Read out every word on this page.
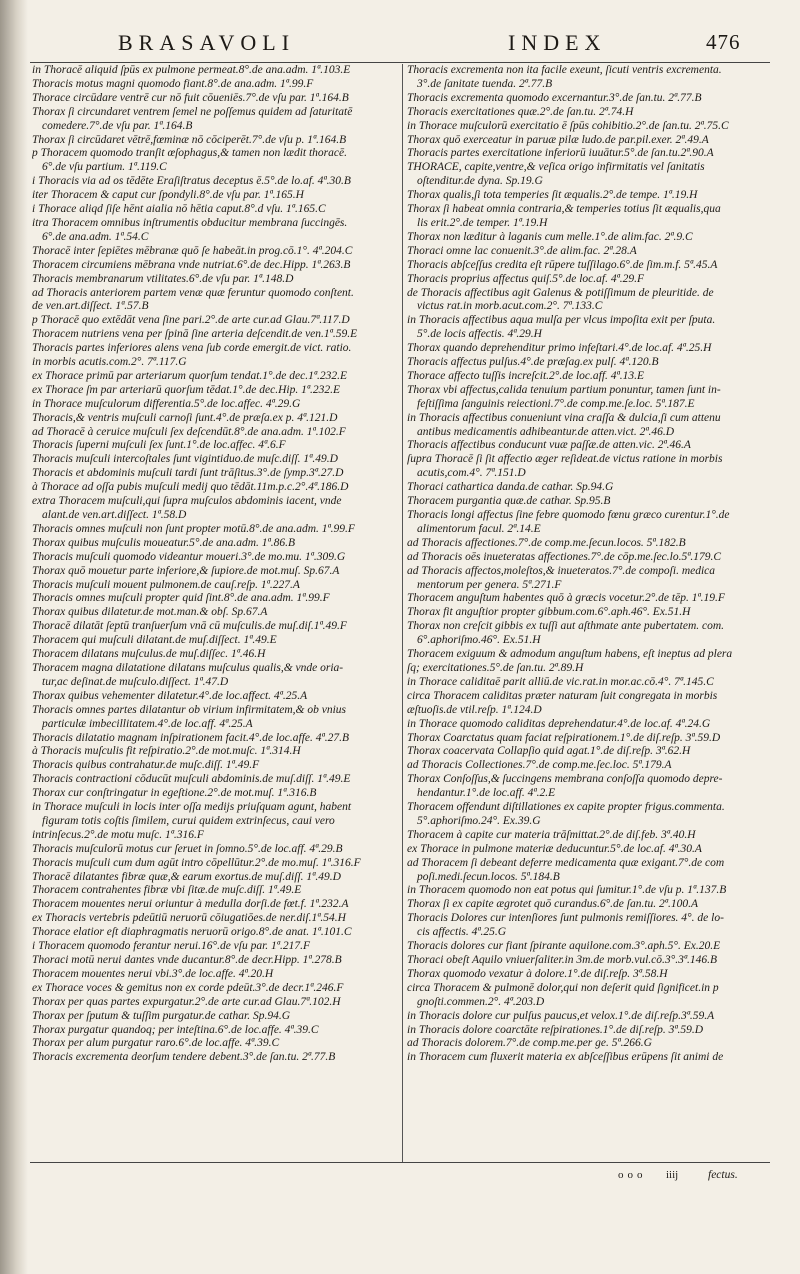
BRASAVOLI	INDEX	476
in Thoracē aliquid ſpūs ex pulmone permeat.8°.de ana.adm. 1ª.103.E
Thoracis motus magni quomodo fiant.8°.de ana.adm. 1ª.99.F
Thorace circūdare ventrē cur nō fuit cōueniēs.7°.de vſu par. 1ª.164.B
Thorax ſi circundaret ventrem ſemel ne poſſemus quidem ad ſaturitatē
comedere.7°.de vſu par. 1ª.164.B
Thorax ſi circūdaret vētrē,fœminæ nō cōciperēt.7°.de vſu p. 1ª.164.B
p Thoracem quomodo tranſit œſophagus,& tamen non lædit thoracē.
6°.de vſu partium. 1ª.119.C
i Thoracis via ad os tēdēte Eraſiſtratus deceptus ē.5°.de lo.af. 4ª.30.B
iter Thoracem & caput cur ſpondyli.8°.de vſu par. 1ª.165.H
i Thorace aliqd ſiſe hēnt aialia nō hētia caput.8°.d vſu. 1ª.165.C
itra Thoracem omnibus inſtrumentis obducitur membrana ſuccingēs.
6°.de ana.adm. 1ª.54.C
Thoracē inter ſepiētes mēbranæ quō ſe habeāt.in prog.cō.1°. 4ª.204.C
Thoracem circumiens mēbrana vnde nutriat.6°.de dec.Hipp. 1ª.263.B
Thoracis membranarum vtilitates.6°.de vſu par. 1ª.148.D
ad Thoracis anteriorem partem venæ quæ feruntur quomodo conſtent.
de ven.art.diſſect. 1ª.57.B
p Thoracē quo extēdāt vena ſine pari.2°.de arte cur.ad Glau.7ª.117.D
Thoracem nutriens vena per ſpinā ſine arteria deſcendit.de ven.1ª.59.E
Thoracis partes inferiores alens vena ſub corde emergit.de vict. ratio.
in morbis acutis.com.2°. 7ª.117.G
ex Thorace primū par arteriarum quorſum tendat.1°.de dec.1ª.232.E
ex Thorace ſm par arteriarū quorſum tēdat.1°.de dec.Hip. 1ª.232.E
in Thorace muſculorum differentia.5°.de loc.affec. 4ª.29.G
Thoracis,& ventris muſculi carnoſi ſunt.4°.de præſa.ex p. 4ª.121.D
ad Thoracē à ceruice muſculi ſex deſcendūt.8°.de ana.adm. 1ª.102.F
Thoracis ſuperni muſculi ſex ſunt.1°.de loc.affec. 4ª.6.F
Thoracis muſculi intercoſtales ſunt vigintiduo.de muſc.diſſ. 1ª.49.D
Thoracis et abdominis muſculi tardi ſunt trāſitus.3°.de ſymp.3ª.27.D
à Thorace ad oſſa pubis muſculi medij quo tēdāt.11m.p.c.2°.4ª.186.D
extra Thoracem muſculi,qui ſupra muſculos abdominis iacent, vnde
alant.de ven.art.diſſect. 1ª.58.D
Thoracis omnes muſculi non ſunt propter motū.8°.de ana.adm. 1ª.99.F
Thorax quibus muſculis moueatur.5°.de ana.adm. 1ª.86.B
Thoracis muſculi quomodo videantur moueri.3°.de mo.mu. 1ª.309.G
Thorax quō mouetur parte inferiore,& ſupiore.de mot.muſ. Sp.67.A
Thoracis muſculi mouent pulmonem.de cauſ.reſp. 1ª.227.A
Thoracis omnes muſculi propter quid ſint.8°.de ana.adm. 1ª.99.F
Thorax quibus dilatetur.de mot.man.& obſ. Sp.67.A
Thoracē dilatāt ſeptū tranſuerſum vnā cū muſculis.de muſ.diſ.1ª.49.F
Thoracem qui muſculi dilatant.de muſ.diſſect. 1ª.49.E
Thoracem dilatans muſculus.de muſ.diſſec. 1ª.46.H
Thoracem magna dilatatione dilatans muſculus qualis,& vnde oria-
tur,ac deſinat.de muſculo.diſſect. 1ª.47.D
Thorax quibus vehementer dilatetur.4°.de loc.affect. 4ª.25.A
Thoracis omnes partes dilatantur ob virium infirmitatem,& ob vnius
particulæ imbecillitatem.4°.de loc.aff. 4ª.25.A
Thoracis dilatatio magnam inſpirationem facit.4°.de loc.affe. 4ª.27.B
à Thoracis muſculis fit reſpiratio.2°.de mot.muſc. 1ª.314.H
Thoracis quibus contrahatur.de muſc.diſſ. 1ª.49.F
Thoracis contractioni cōducūt muſculi abdominis.de muſ.diſſ. 1ª.49.E
Thorax cur conſtringatur in egeſtione.2°.de mot.muſ. 1ª.316.B
in Thorace muſculi in locis inter oſſa medijs priuſquam agunt, habent
figuram totis coſtis ſimilem, curui quidem extrinſecus, caui vero
intrinſecus.2°.de motu muſc. 1ª.316.F
Thoracis muſculorū motus cur ſeruet in ſomno.5°.de loc.aff. 4ª.29.B
Thoracis muſculi cum dum agūt intro cōpellūtur.2°.de mo.muſ. 1ª.316.F
Thoracē dilatantes fibræ quæ,& earum exortus.de muſ.diſſ. 1ª.49.D
Thoracem contrahentes fibræ vbi ſitæ.de muſc.diſſ. 1ª.49.E
Thoracem mouentes nerui oriuntur à medulla dorſi.de fœt.f. 1ª.232.A
ex Thoracis vertebris pdeūtiū neruorū cōiugatiōes.de ner.diſ.1ª.54.H
Thorace elatior eſt diaphragmatis neruorū origo.8°.de anat. 1ª.101.C
i Thoracem quomodo ferantur nerui.16°.de vſu par. 1ª.217.F
Thoraci motū nerui dantes vnde ducantur.8°.de decr.Hipp. 1ª.278.B
Thoracem mouentes nerui vbi.3°.de loc.affe. 4ª.20.H
ex Thorace voces & gemitus non ex corde pdeūt.3°.de decr.1ª.246.F
Thorax per quas partes expurgatur.2°.de arte cur.ad Glau.7ª.102.H
Thorax per ſputum & tuſſim purgatur.de cathar. Sp.94.G
Thorax purgatur quandoq; per inteſtina.6°.de loc.affe. 4ª.39.C
Thorax per alum purgatur raro.6°.de loc.affe. 4ª.39.C
Thoracis excrementa deorſum tendere debent.3°.de ſan.tu. 2ª.77.B
Thoracis excrementa non ita facile exeunt, ſicuti ventris excrementa.
3°.de ſanitate tuenda. 2ª.77.B
Thoracis excrementa quomodo excernantur.3°.de ſan.tu. 2ª.77.B
Thoracis exercitationes quæ.2°.de ſan.tu. 2ª.74.H
in Thorace muſculorū exercitatio ē ſpūs cohibitio.2°.de ſan.tu. 2ª.75.C
Thorax quō exerceatur in paruæ pilæ ludo.de par.pil.exer. 2ª.49.A
Thoracis partes exercitatione inferiorū iuuātur.5°.de ſan.tu.2ª.90.A
THORACE, capite,ventre,& veſica origo infirmitatis vel ſanitatis
oſtenditur.de dyna. Sp.19.G
Thorax qualis,ſi tota temperies ſit æqualis.2°.de tempe. 1ª.19.H
Thorax ſi habeat omnia contraria,& temperies totius ſit æqualis,qua
lis erit.2°.de temper. 1ª.19.H
Thorax non læditur à laganis cum melle.1°.de alim.fac. 2ª.9.C
Thoraci omne lac conuenit.3°.de alim.fac. 2ª.28.A
Thoracis abſceſſus credita eſt rūpere tuſſilago.6°.de ſim.m.f. 5ª.45.A
Thoracis proprius affectus quiſ.5°.de loc.af. 4ª.29.F
de Thoracis affectibus agit Galenus & potiſſimum de pleuritide. de
victus rat.in morb.acut.com.2°. 7ª.133.C
in Thoracis affectibus aqua mulſa per vlcus impoſita exit per ſputa.
5°.de locis affectis. 4ª.29.H
Thorax quando deprehenditur primo infeſtari.4°.de loc.af. 4ª.25.H
Thoracis affectus pulſus.4°.de præſag.ex pulſ. 4ª.120.B
Thorace affecto tuſſis increſcit.2°.de loc.aff. 4ª.13.E
Thorax vbi affectus,calida tenuium partium ponuntur, tamen ſunt in-
feſtiſſima ſanguinis reiectioni.7°.de comp.me.ſe.loc. 5ª.187.E
in Thoracis affectibus conueniunt vina craſſa & dulcia,ſi cum attenu
antibus medicamentis adhibeantur.de atten.vict. 2ª.46.D
Thoracis affectibus conducunt vuæ paſſæ.de atten.vic. 2ª.46.A
ſupra Thoracē ſi ſit affectio æger reſideat.de victus ratione in morbis
acutis,com.4°. 7ª.151.D
Thoraci cathartica danda.de cathar. Sp.94.G
Thoracem purgantia quæ.de cathar. Sp.95.B
Thoracis longi affectus ſine febre quomodo fœnu græco curentur.1°.de
alimentorum facul. 2ª.14.E
ad Thoracis affectiones.7°.de comp.me.ſecun.locos. 5ª.182.B
ad Thoracis oēs inueteratas affectiones.7°.de cōp.me.ſec.lo.5ª.179.C
ad Thoracis affectos,moleſtos,& inueteratos.7°.de compoſi. medica
mentorum per genera. 5ª.271.F
Thoracem anguſtum habentes quō à græcis vocetur.2°.de tēp. 1ª.19.F
Thorax fit anguſtior propter gibbum.com.6°.aph.46°. Ex.51.H
Thorax non creſcit gibbis ex tuſſi aut aſthmate ante pubertatem. com.
6°.aphoriſmo.46°. Ex.51.H
Thoracem exiguum & admodum anguſtum habens, eſt ineptus ad plera
ſq; exercitationes.5°.de ſan.tu. 2ª.89.H
in Thorace caliditaē parit alliū.de vic.rat.in mor.ac.cō.4°. 7ª.145.C
circa Thoracem caliditas præter naturam ſuit congregata in morbis
æſtuoſis.de vtil.reſp. 1ª.124.D
in Thorace quomodo caliditas deprehendatur.4°.de loc.af. 4ª.24.G
Thorax Coarctatus quam faciat reſpirationem.1°.de diſ.reſp. 3ª.59.D
Thorax coacervata Collapſio quid agat.1°.de diſ.reſp. 3ª.62.H
ad Thoracis Collectiones.7°.de comp.me.ſec.loc. 5ª.179.A
Thorax Conſoſſus,& ſuccingens membrana conſoſſa quomodo depre-
hendantur.1°.de loc.aff. 4ª.2.E
Thoracem offendunt diſtillationes ex capite propter frigus.commenta.
5°.aphoriſmo.24°. Ex.39.G
Thoracem à capite cur materia trāſmittat.2°.de diſ.feb. 3ª.40.H
ex Thorace in pulmone materiæ deducuntur.5°.de loc.af. 4ª.30.A
ad Thoracem ſi debeant deferre medicamenta quæ exigant.7°.de com
poſi.medi.ſecun.locos. 5ª.184.B
in Thoracem quomodo non eat potus qui ſumitur.1°.de vſu p. 1ª.137.B
Thorax ſi ex capite ægrotet quō curandus.6°.de ſan.tu. 2ª.100.A
Thoracis Dolores cur intenſiores ſunt pulmonis remiſſiores. 4°. de lo-
cis affectis. 4ª.25.G
Thoracis dolores cur fiant ſpirante aquilone.com.3°.aph.5°. Ex.20.E
Thoraci obeſt Aquilo vniuerſaliter.in 3m.de morb.vul.cō.3°.3ª.146.B
Thorax quomodo vexatur à dolore.1°.de diſ.reſp. 3ª.58.H
circa Thoracem & pulmonē dolor,qui non deſerit quid ſignificet.in p
gnoſti.commen.2°. 4ª.203.D
in Thoracis dolore cur pulſus paucus,et velox.1°.de diſ.reſp.3ª.59.A
in Thoracis dolore coarctāte reſpirationes.1°.de diſ.reſp. 3ª.59.D
ad Thoracis dolorem.7°.de comp.me.per ge. 5ª.266.G
in Thoracem cum fluxerit materia ex abſceſſibus erūpens ſit animi de
ooo iiij	fectus.
